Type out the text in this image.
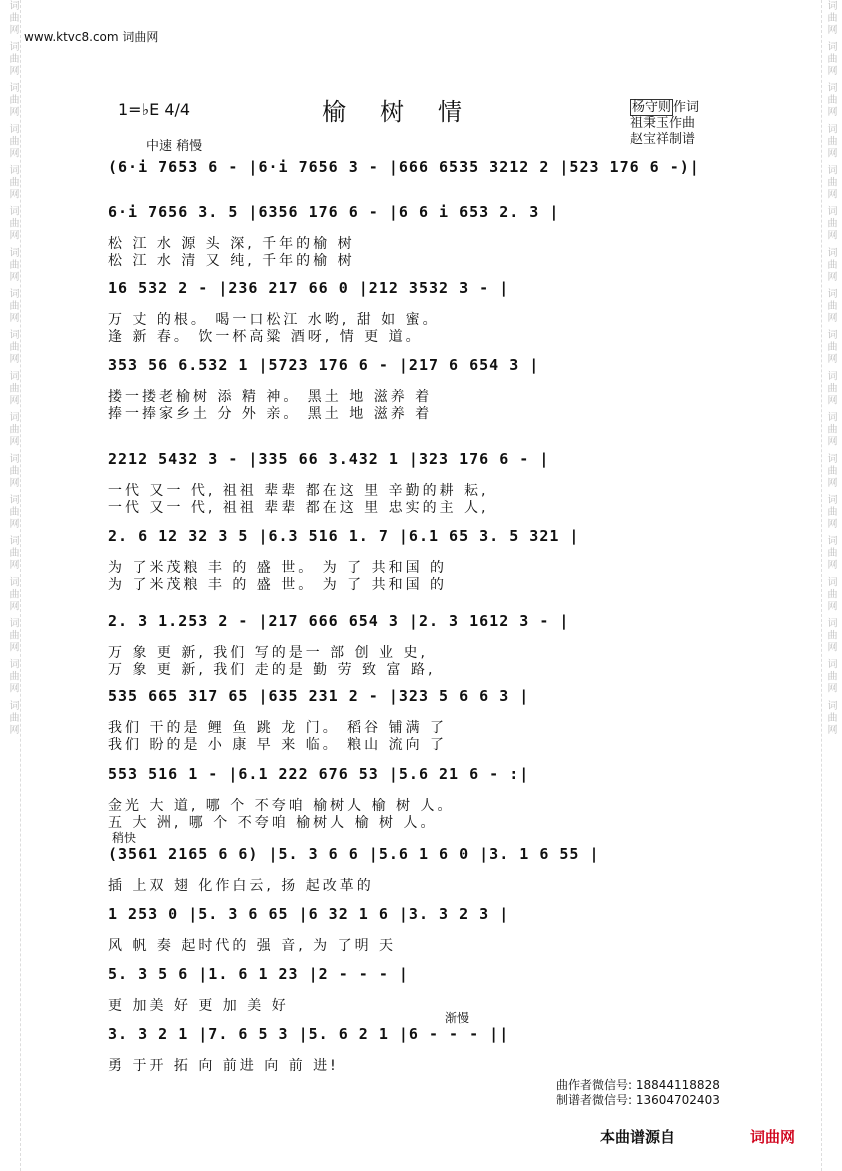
词曲网 词曲网 词曲网 词曲网 词曲网 词曲网 词曲网 词曲网 词曲网 词曲网 词曲网 词曲网 词曲网 词曲网 词曲网 词曲网 词曲网 词曲网	词曲网 词曲网 词曲网 词曲网 词曲网 词曲网 词曲网 词曲网 词曲网 词曲网 词曲网 词曲网 词曲网 词曲网 词曲网 词曲网 词曲网 词曲网
www.ktvc8.com 词曲网
1=♭E 4/4	榆树情
中速 稍慢
杨守则 作词
祖秉玉作曲
赵宝祥制谱
(6·i 7653 6 - |6·i 7656 3 - |666 6535 3212 2 |523 176 6 -)|
6·i 7656 3. 5 |6356 176 6 - |6 6 i 653 2. 3 |
松 江 水 源 头 深, 千年的榆 树
松 江 水 清 又 纯, 千年的榆 树
16 532 2 - |236 217 66 0 |212 3532 3 - |
万 丈 的根。 喝一口松江 水哟, 甜 如 蜜。
逢 新 春。 饮一杯高粱 酒呀, 情 更 道。
353 56 6.532 1 |5723 176 6 - |217 6 654 3 |
搂一搂老榆树 添 精 神。 黑土 地 滋养 着
捧一捧家乡土 分 外 亲。 黑土 地 滋养 着
2212 5432 3 - |335 66 3.432 1 |323 176 6 - |
一代 又一 代, 祖祖 辈辈 都在这 里 辛勤的耕 耘,
一代 又一 代, 祖祖 辈辈 都在这 里 忠实的主 人,
2. 6 12 32 3 5 |6.3 516 1. 7 |6.1 65 3. 5 321 |
为 了米茂粮 丰 的 盛 世。 为 了 共和国 的
为 了米茂粮 丰 的 盛 世。 为 了 共和国 的
2. 3 1.253 2 - |217 666 654 3 |2. 3 1612 3 - |
万 象 更 新, 我们 写的是一 部 创 业 史,
万 象 更 新, 我们 走的是 勤 劳 致 富 路,
535 665 317 65 |635 231 2 - |323 5 6 6 3 |
我们 干的是 鲤 鱼 跳 龙 门。 稻谷 铺满 了
我们 盼的是 小 康 早 来 临。 粮山 流向 了
553 516 1 - |6.1 222 676 53 |5.6 21 6 - :|
金光 大 道, 哪 个 不夸咱 榆树人 榆 树 人。
五 大 洲, 哪 个 不夸咱 榆树人 榆 树 人。
(3561 2165 6 6) |5. 3 6 6 |5.6 1 6 0 |3. 1 6 55 |
稍快
插 上双 翅 化作白云, 扬 起改革的
1 253 0 |5. 3 6 65 |6 32 1 6 |3. 3 2 3 |
风 帆 奏 起时代的 强 音, 为 了明 天
5. 3 5 6 |1. 6 1 23 |2 - - - |
更 加美 好 更 加 美 好
3. 3 2 1 |7. 6 5 3 |5. 6 2 1 |6 - - - ||
渐慢
勇 于开 拓 向 前进 向 前 进!
曲作者微信号: 18844118828
制谱者微信号: 13604702403
本曲谱源自	词曲网
